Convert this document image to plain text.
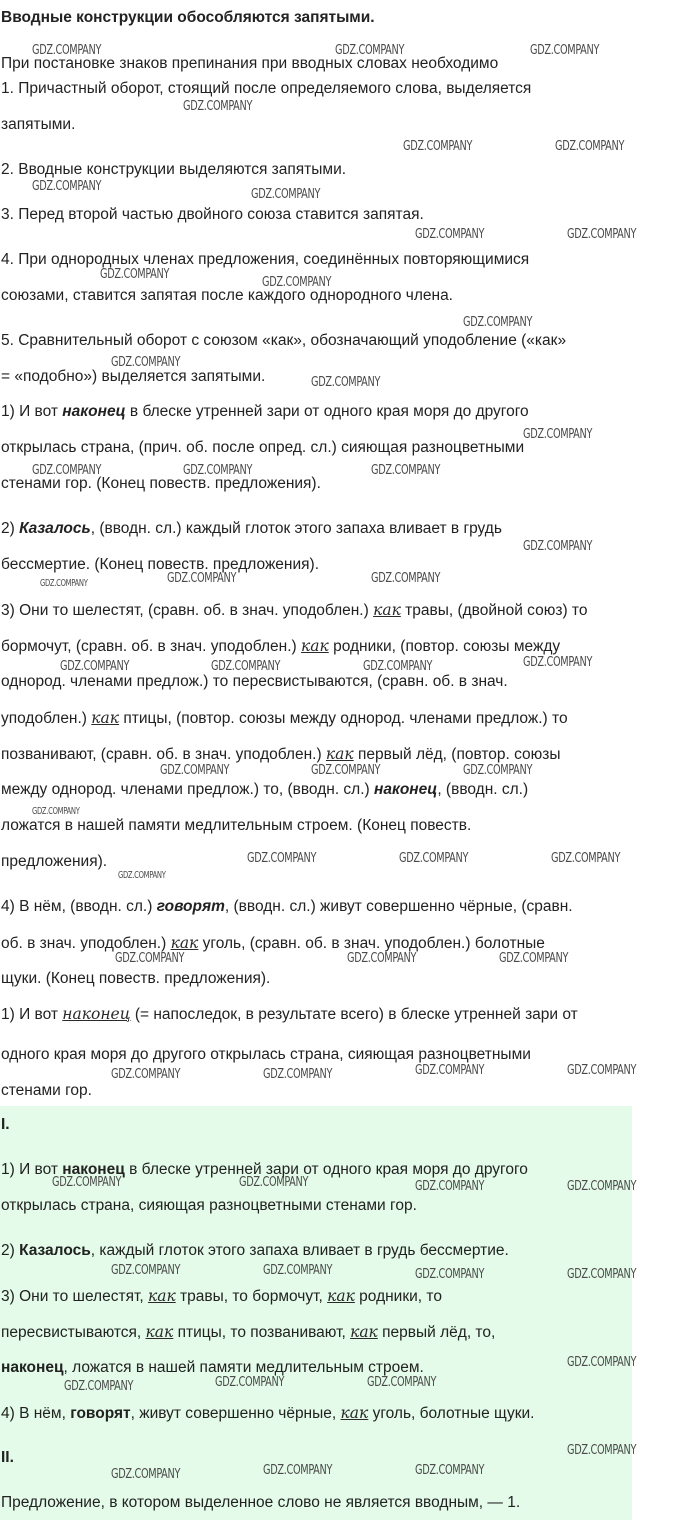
Вводные конструкции обособляются запятыми.
При постановке знаков препинания при вводных словах необходимо
1. Причастный оборот, стоящий после определяемого слова, выделяется
запятыми.
2. Вводные конструкции выделяются запятыми.
3. Перед второй частью двойного союза ставится запятая.
4. При однородных членах предложения, соединённых повторяющимися
союзами, ставится запятая после каждого однородного члена.
5. Сравнительный оборот с союзом «как», обозначающий уподобление («как»
= «подобно») выделяется запятыми.
1) И вот наконец в блеске утренней зари от одного края моря до другого
открылась страна, (прич. об. после опред. сл.) сияющая разноцветными
стенами гор. (Конец повеств. предложения).
2) Казалось, (вводн. сл.) каждый глоток этого запаха вливает в грудь
бессмертие. (Конец повеств. предложения).
3) Они то шелестят, (сравн. об. в знач. уподоблен.) как травы, (двойной союз) то
бормочут, (сравн. об. в знач. уподоблен.) как родники, (повтор. союзы между
однород. членами предлож.) то пересвистываются, (сравн. об. в знач.
уподоблен.) как птицы, (повтор. союзы между однород. членами предлож.) то
позванивают, (сравн. об. в знач. уподоблен.) как первый лёд, (повтор. союзы
между однород. членами предлож.) то, (вводн. сл.) наконец, (вводн. сл.)
ложатся в нашей памяти медлительным строем. (Конец повеств.
предложения).
4) В нём, (вводн. сл.) говорят, (вводн. сл.) живут совершенно чёрные, (сравн.
об. в знач. уподоблен.) как уголь, (сравн. об. в знач. уподоблен.) болотные
щуки. (Конец повеств. предложения).
1) И вот наконец (= напоследок, в результате всего) в блеске утренней зари от
одного края моря до другого открылась страна, сияющая разноцветными
стенами гор.
I.
1) И вот наконец в блеске утренней зари от одного края моря до другого
открылась страна, сияющая разноцветными стенами гор.
2) Казалось, каждый глоток этого запаха вливает в грудь бессмертие.
3) Они то шелестят, как травы, то бормочут, как родники, то
пересвистываются, как птицы, то позванивают, как первый лёд, то,
наконец, ложатся в нашей памяти медлительным строем.
4) В нём, говорят, живут совершенно чёрные, как уголь, болотные щуки.
II.
Предложение, в котором выделенное слово не является вводным, — 1.
GDZ.COMPANY	GDZ.COMPANY	GDZ.COMPANY
GDZ.COMPANY
GDZ.COMPANY	GDZ.COMPANY
GDZ.COMPANY	GDZ.COMPANY
GDZ.COMPANY	GDZ.COMPANY
GDZ.COMPANY	GDZ.COMPANY
GDZ.COMPANY
GDZ.COMPANY
GDZ.COMPANY
GDZ.COMPANY
GDZ.COMPANY	GDZ.COMPANY	GDZ.COMPANY
GDZ.COMPANY
GDZ.COMPANY	GDZ.COMPANY	GDZ.COMPANY
GDZ.COMPANY	GDZ.COMPANY	GDZ.COMPANY	GDZ.COMPANY
GDZ.COMPANY	GDZ.COMPANY	GDZ.COMPANY
GDZ.COMPANY
GDZ.COMPANY
GDZ.COMPANY	GDZ.COMPANY	GDZ.COMPANY
GDZ.COMPANY	GDZ.COMPANY	GDZ.COMPANY
GDZ.COMPANY	GDZ.COMPANY	GDZ.COMPANY	GDZ.COMPANY
GDZ.COMPANY	GDZ.COMPANY	GDZ.COMPANY	GDZ.COMPANY
GDZ.COMPANY	GDZ.COMPANY	GDZ.COMPANY	GDZ.COMPANY
GDZ.COMPANY
GDZ.COMPANY	GDZ.COMPANY	GDZ.COMPANY
GDZ.COMPANY
GDZ.COMPANY	GDZ.COMPANY	GDZ.COMPANY
